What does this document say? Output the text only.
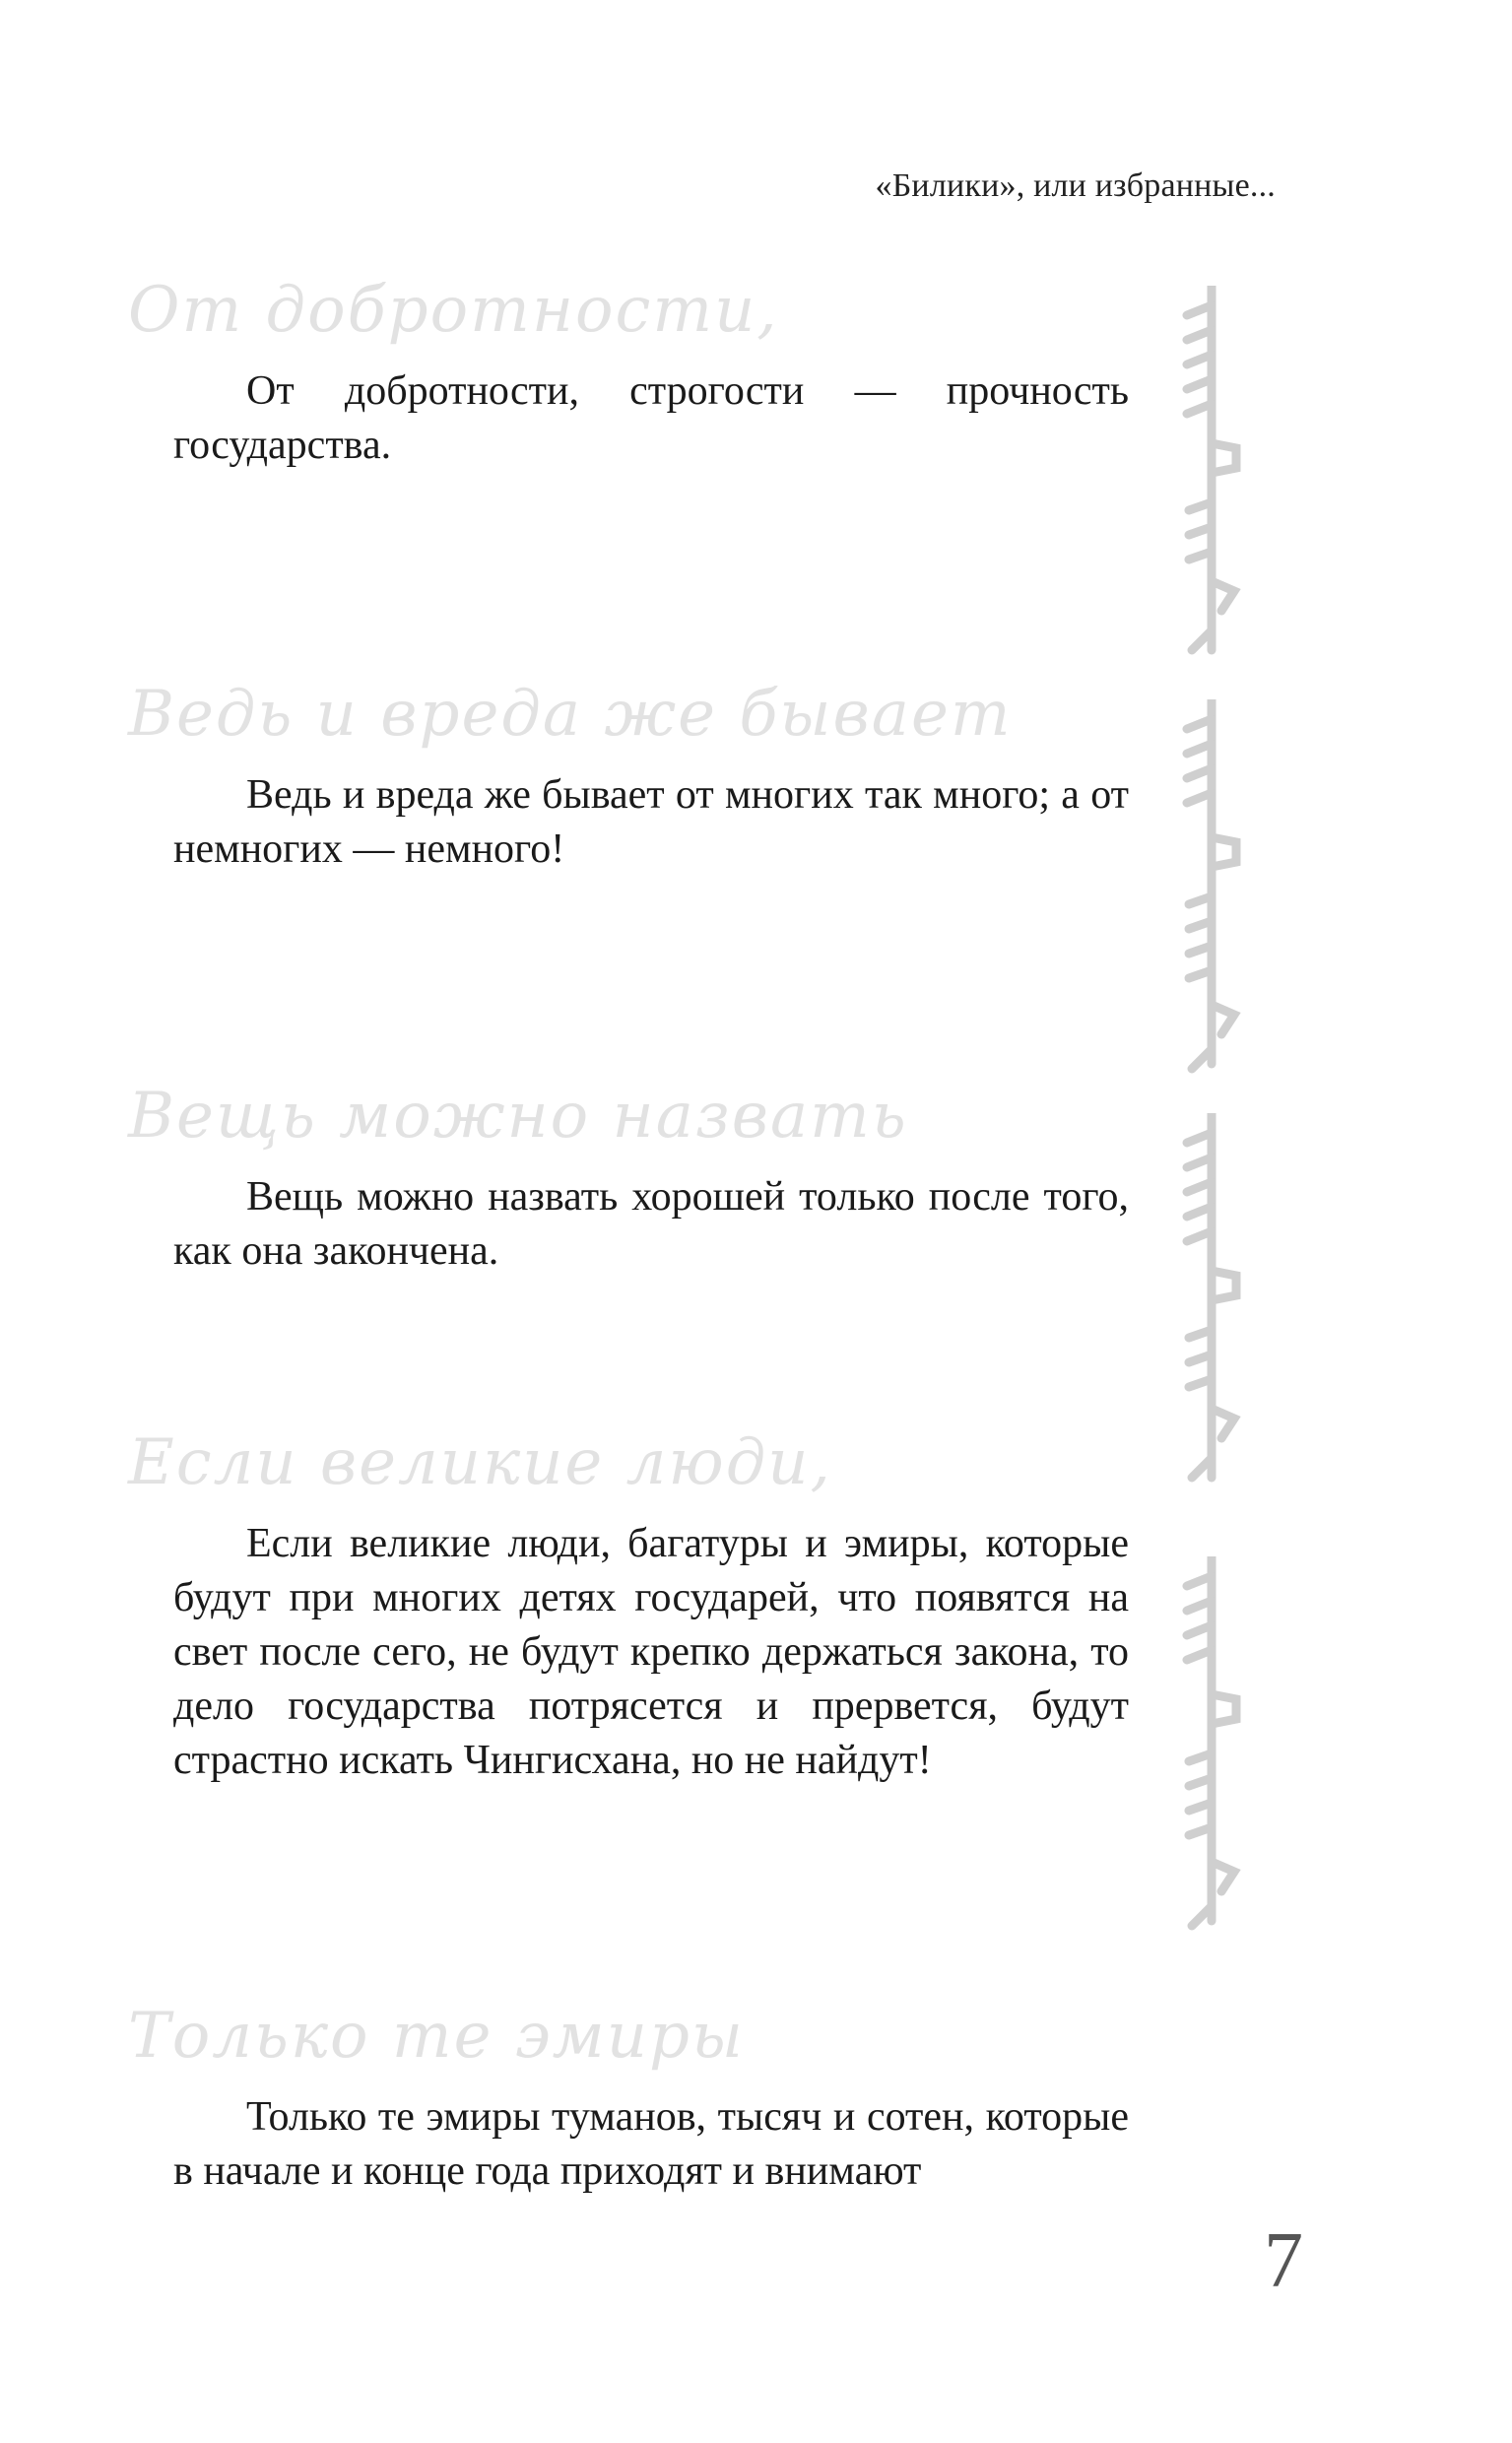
«Билики», или избранные...
От добротности,

От добротности, строгости — прочность государства.

Ведь и вреда же бывает

Ведь и вреда же бывает от многих так много; а от немногих — немного!

Вещь можно назвать

Вещь можно назвать хорошей только после того, как она закончена.

Если великие люди,

Если великие люди, багатуры и эмиры, которые будут при многих детях государей, что появятся на свет после сего, не будут крепко держаться закона, то дело государства потрясется и прервется, будут страстно искать Чингисхана, но не найдут!

Только те эмиры

Только те эмиры туманов, тысяч и сотен, которые в начале и конце года приходят и внимают

7
